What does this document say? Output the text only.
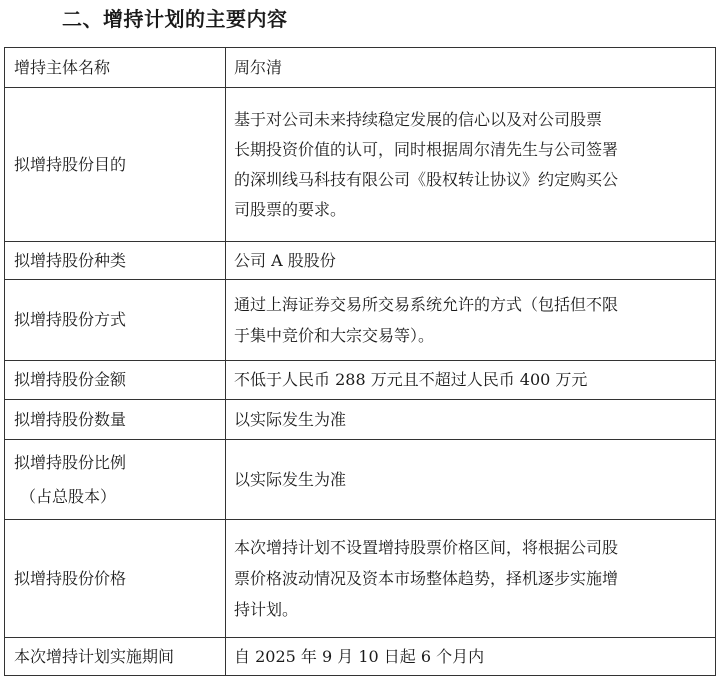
二、增持计划的主要内容
增持主体名称	周尔清

拟增持股份目的	基于对公司未来持续稳定发展的信心以及对公司股票
长期投资价值的认可，同时根据周尔清先生与公司签署
的深圳线马科技有限公司《股权转让协议》约定购买公
司股票的要求。

拟增持股份种类	公司 A 股股份

拟增持股份方式	通过上海证券交易所交易系统允许的方式（包括但不限
于集中竞价和大宗交易等）。

拟增持股份金额	不低于人民币 288 万元且不超过人民币 400 万元

拟增持股份数量	以实际发生为准

拟增持股份比例
（占总股本）	以实际发生为准

拟增持股份价格	本次增持计划不设置增持股票价格区间，将根据公司股
票价格波动情况及资本市场整体趋势，择机逐步实施增
持计划。

本次增持计划实施期间	自 2025 年 9 月 10 日起 6 个月内
